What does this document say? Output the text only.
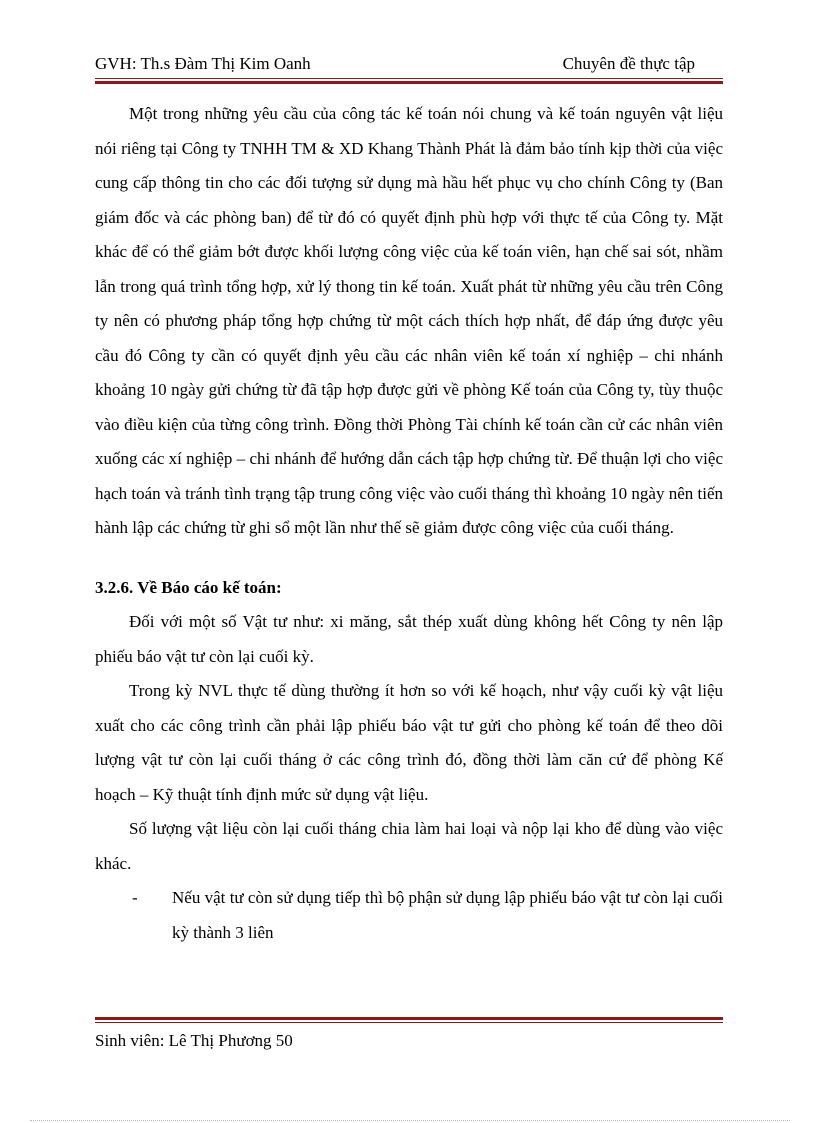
GVH: Th.s Đàm Thị Kim Oanh	Chuyên đề thực tập

Một trong những yêu cầu của công tác kế toán nói chung và kế toán nguyên vật liệu nói riêng tại Công ty TNHH TM & XD Khang Thành Phát là đảm bảo tính kịp thời của việc cung cấp thông tin cho các đối tượng sử dụng mà hầu hết phục vụ cho chính Công ty (Ban giám đốc và các phòng ban) để từ đó có quyết định phù hợp với thực tế của Công ty. Mặt khác để có thể giảm bớt được khối lượng công việc của kế toán viên, hạn chế sai sót, nhầm lẫn trong quá trình tổng hợp, xử lý thong tin kế toán. Xuất phát từ những yêu cầu trên Công ty nên có phương pháp tổng hợp chứng từ một cách thích hợp nhất, để đáp ứng được yêu cầu đó Công ty cần có quyết định yêu cầu các nhân viên kế toán xí nghiệp – chi nhánh khoảng 10 ngày gửi chứng từ đã tập hợp được gửi về phòng Kế toán của Công ty, tùy thuộc vào điều kiện của từng công trình. Đồng thời Phòng Tài chính kế toán cần cử các nhân viên xuống các xí nghiệp – chi nhánh để hướng dẫn cách tập hợp chứng từ. Để thuận lợi cho việc hạch toán và tránh tình trạng tập trung công việc vào cuối tháng thì khoảng 10 ngày nên tiến hành lập các chứng từ ghi sổ một lần như thế sẽ giảm được công việc của cuối tháng.

3.2.6. Về Báo cáo kế toán:

Đối với một số Vật tư như: xi măng, sắt thép xuất dùng không hết Công ty nên lập phiếu báo vật tư còn lại cuối kỳ.

Trong kỳ NVL thực tế dùng thường ít hơn so với kế hoạch, như vậy cuối kỳ vật liệu xuất cho các công trình cần phải lập phiếu báo vật tư gửi cho phòng kế toán để theo dõi lượng vật tư còn lại cuối tháng ở các công trình đó, đồng thời làm căn cứ để phòng Kế hoạch – Kỹ thuật tính định mức sử dụng vật liệu.

Số lượng vật liệu còn lại cuối tháng chia làm hai loại và nộp lại kho để dùng vào việc khác.

-	Nếu vật tư còn sử dụng tiếp thì bộ phận sử dụng lập phiếu báo vật tư còn lại cuối kỳ thành 3 liên
Sinh viên: Lê Thị Phương 50
